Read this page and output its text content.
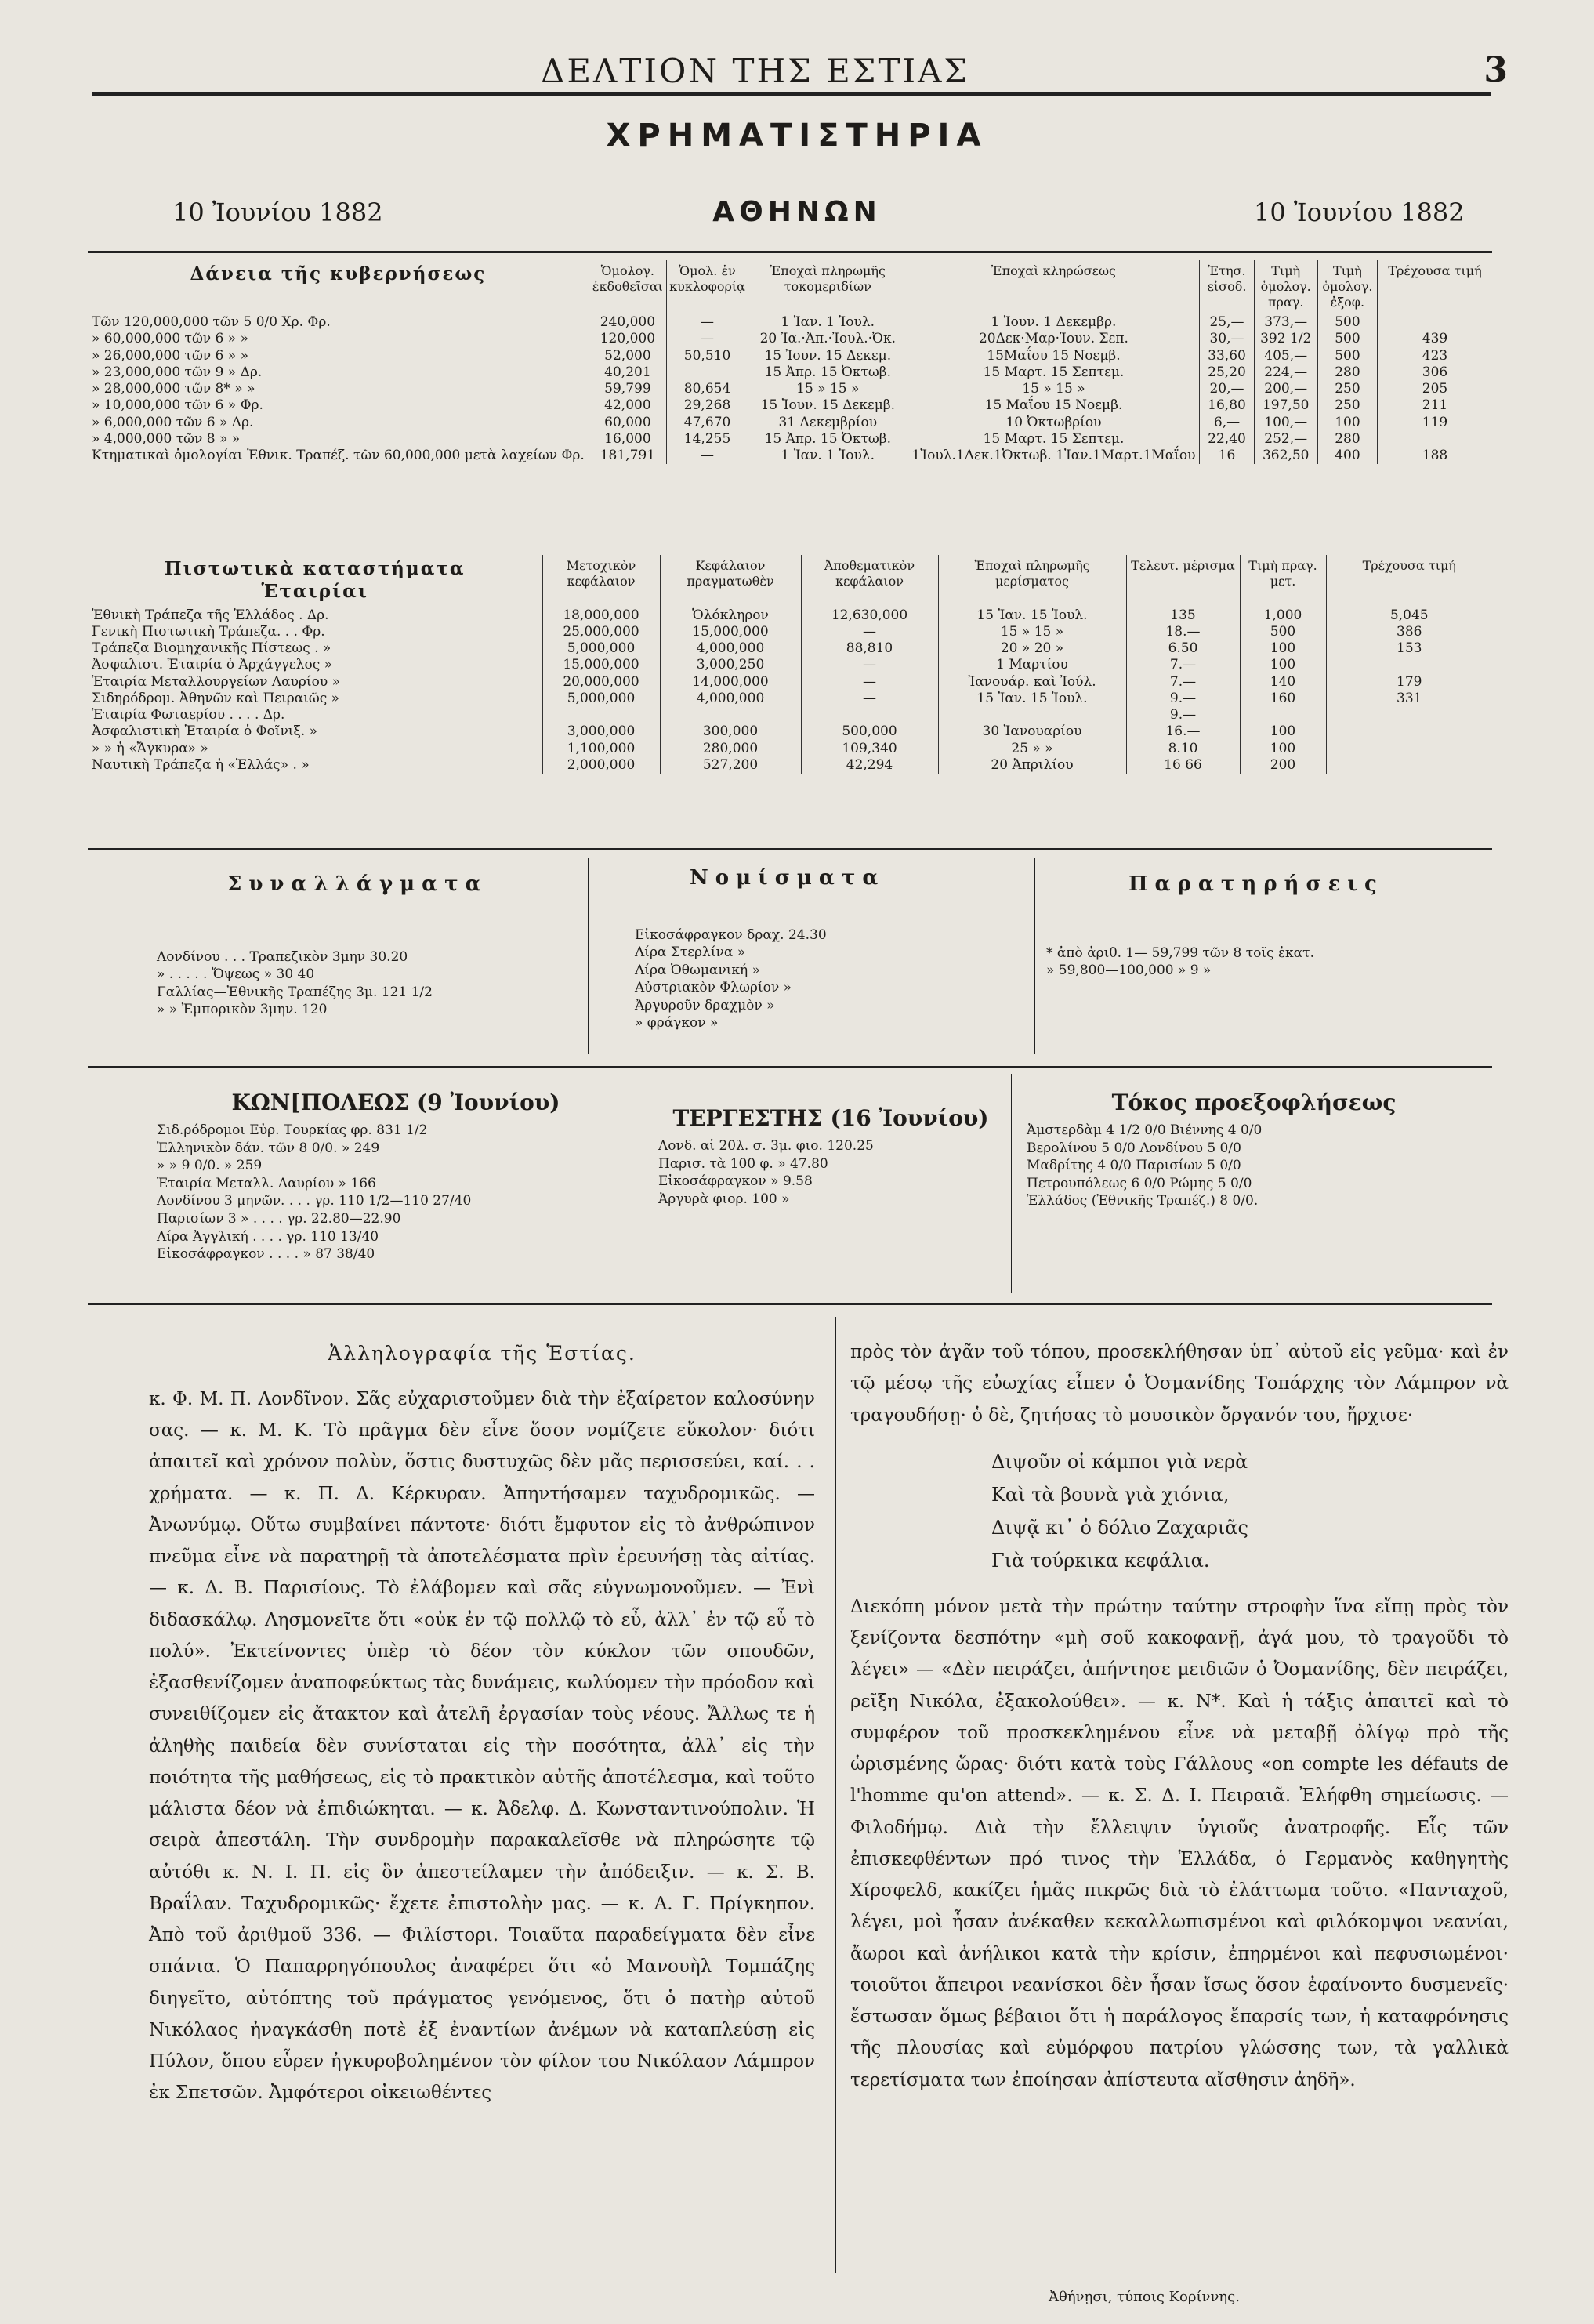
ΔΕΛΤΙΟΝ ΤΗΣ ΕΣΤΙΑΣ	3
ΧΡΗΜΑΤΙΣΤΗΡΙΑ
10 Ἰουνίου 1882	ΑΘΗΝΩΝ	10 Ἰουνίου 1882
Δάνεια τῆς κυβερνήσεως	Ὁμολογ. ἐκδοθεῖσαι	Ὁμολ. ἐν κυκλοφορίᾳ	Ἐποχαὶ πληρωμῆς τοκομεριδίων	Ἐποχαὶ κληρώσεως	Ἐτησ. εἰσοδ.	Τιμὴ ὁμολογ. πραγ.	Τιμὴ ὁμολογ. ἐξοφ.	Τρέχουσα τιμή
Τῶν 120,000,000 τῶν 5 0/0 Χρ. Φρ.	240,000	—	1 Ἰαν. 1 Ἰουλ.	1 Ἰουν. 1 Δεκεμβρ.	25,—	373,—	500	
» 60,000,000 τῶν 6 » »	120,000	—	20 Ἰα.·Ἀπ.·Ἰουλ.·Ὀκ.	20Δεκ·Μαρ·Ἰουν. Σεπ.	30,—	392 1/2	500	439
» 26,000,000 τῶν 6 » »	52,000	50,510	15 Ἰουν. 15 Δεκεμ.	15Μαΐου 15 Νοεμβ.	33,60	405,—	500	423
» 23,000,000 τῶν 9 » Δρ.	40,201		15 Ἀπρ. 15 Ὀκτωβ.	15 Μαρτ. 15 Σεπτεμ.	25,20	224,—	280	306
» 28,000,000 τῶν 8* » »	59,799	80,654	15 » 15 »	15 » 15 »	20,—	200,—	250	205
» 10,000,000 τῶν 6 » Φρ.	42,000	29,268	15 Ἰουν. 15 Δεκεμβ.	15 Μαΐου 15 Νοεμβ.	16,80	197,50	250	211
» 6,000,000 τῶν 6 » Δρ.	60,000	47,670	31 Δεκεμβρίου	10 Ὀκτωβρίου	6,—	100,—	100	119
» 4,000,000 τῶν 8 » »	16,000	14,255	15 Ἀπρ. 15 Ὀκτωβ.	15 Μαρτ. 15 Σεπτεμ.	22,40	252,—	280	
Κτηματικαὶ ὁμολογίαι Ἐθνικ. Τραπέζ. τῶν 60,000,000 μετὰ λαχείων Φρ.	181,791	—	1 Ἰαν. 1 Ἰουλ.	1Ἰουλ.1Δεκ.1Ὀκτωβ. 1Ἰαν.1Μαρτ.1Μαΐου	16	362,50	400	188
Πιστωτικὰ καταστήματα
Ἑταιρίαι	Μετοχικὸν κεφάλαιον	Κεφάλαιον πραγματωθὲν	Ἀποθεματικὸν κεφάλαιον	Ἐποχαὶ πληρωμῆς μερίσματος	Τελευτ. μέρισμα	Τιμὴ πραγ. μετ.	Τρέχουσα τιμή
Ἐθνικὴ Τράπεζα τῆς Ἑλλάδος . Δρ.	18,000,000	Ὁλόκληρον	12,630,000	15 Ἰαν. 15 Ἰουλ.	135	1,000	5,045
Γενικὴ Πιστωτικὴ Τράπεζα. . . Φρ.	25,000,000	15,000,000	—	15 » 15 »	18.—	500	386
Τράπεζα Βιομηχανικῆς Πίστεως . »	5,000,000	4,000,000	88,810	20 » 20 »	6.50	100	153
Ἀσφαλιστ. Ἑταιρία ὁ Ἀρχάγγελος »	15,000,000	3,000,250	—	1 Μαρτίου	7.—	100	
Ἑταιρία Μεταλλουργείων Λαυρίου »	20,000,000	14,000,000	—	Ἰανουάρ. καὶ Ἰούλ.	7.—	140	179
Σιδηρόδρομ. Ἀθηνῶν καὶ Πειραιῶς »	5,000,000	4,000,000	—	15 Ἰαν. 15 Ἰουλ.	9.—	160	331
Ἑταιρία Φωταερίου . . . . Δρ.					9.—		
Ἀσφαλιστικὴ Ἑταιρία ὁ Φοῖνιξ. »	3,000,000	300,000	500,000	30 Ἰανουαρίου	16.—	100	
» » ἡ «Ἄγκυρα» »	1,100,000	280,000	109,340	25 » »	8.10	100	
Ναυτικὴ Τράπεζα ἡ «Ἑλλάς» . »	2,000,000	527,200	42,294	20 Ἀπριλίου	16 66	200	
Συναλλάγματα
Λονδίνου . . . Τραπεζικὸν 3μην 30.20
» . . . . . Ὄψεως » 30 40
Γαλλίας—Ἐθνικῆς Τραπέζης 3μ. 121 1/2
» » Ἐμπορικὸν 3μην. 120
Νομίσματα
Εἰκοσάφραγκον δραχ. 24.30
Λίρα Στερλίνα »
Λίρα Ὀθωμανική »
Αὐστριακὸν Φλωρίον »
Ἀργυροῦν δραχμὸν »
» φράγκον »
Παρατηρήσεις
* ἀπὸ ἀριθ. 1— 59,799 τῶν 8 τοῖς ἑκατ.
» 59,800—100,000 » 9 »
ΚΩΝ[ΠΟΛΕΩΣ (9 Ἰουνίου)
Σιδ.ρόδρομοι Εὐρ. Τουρκίας φρ. 831 1/2
Ἑλληνικὸν δάν. τῶν 8 0/0. » 249
» » 9 0/0. » 259
Ἑταιρία Μεταλλ. Λαυρίου » 166
Λονδίνου 3 μηνῶν. . . . γρ. 110 1/2—110 27/40
Παρισίων 3 » . . . . γρ. 22.80—22.90
Λίρα Ἀγγλική . . . . γρ. 110 13/40
Εἰκοσάφραγκον . . . . » 87 38/40
ΤΕΡΓΕΣΤΗΣ (16 Ἰουνίου)
Λονδ. αἱ 20λ. σ. 3μ. φιο. 120.25
Παρισ. τὰ 100 φ. » 47.80
Εἰκοσάφραγκον » 9.58
Ἀργυρὰ φιορ. 100 »
Τόκος προεξοφλήσεως
Ἀμστερδὰμ 4 1/2 0/0 Βιέννης 4 0/0
Βερολίνου 5 0/0 Λονδίνου 5 0/0
Μαδρίτης 4 0/0 Παρισίων 5 0/0
Πετρουπόλεως 6 0/0 Ρώμης 5 0/0
Ἑλλάδος (Ἐθνικῆς Τραπέζ.) 8 0/0.
Ἀλληλογραφία τῆς Ἑστίας.

κ. Φ. Μ. Π. Λονδῖνον. Σᾶς εὐχαριστοῦμεν διὰ τὴν ἐξαίρετον καλοσύνην σας. — κ. Μ. Κ. Τὸ πρᾶγμα δὲν εἶνε ὅσον νομίζετε εὔκολον· διότι ἀπαιτεῖ καὶ χρόνον πολὺν, ὅστις δυστυχῶς δὲν μᾶς περισσεύει, καί. . . χρήματα. — κ. Π. Δ. Κέρκυραν. Ἀπηντήσαμεν ταχυδρομικῶς. — Ἀνωνύμῳ. Οὕτω συμβαίνει πάντοτε· διότι ἔμφυτον εἰς τὸ ἀνθρώπινον πνεῦμα εἶνε νὰ παρατηρῇ τὰ ἀποτελέσματα πρὶν ἐρευνήσῃ τὰς αἰτίας. — κ. Δ. Β. Παρισίους. Τὸ ἐλάβομεν καὶ σᾶς εὐγνωμονοῦμεν. — Ἐνὶ διδασκάλῳ. Λησμονεῖτε ὅτι «οὐκ ἐν τῷ πολλῷ τὸ εὖ, ἀλλ᾽ ἐν τῷ εὖ τὸ πολύ». Ἐκτείνοντες ὑπὲρ τὸ δέον τὸν κύκλον τῶν σπουδῶν, ἐξασθενίζομεν ἀναποφεύκτως τὰς δυνάμεις, κωλύομεν τὴν πρόοδον καὶ συνειθίζομεν εἰς ἄτακτον καὶ ἀτελῆ ἐργασίαν τοὺς νέους. Ἄλλως τε ἡ ἀληθὴς παιδεία δὲν συνίσταται εἰς τὴν ποσότητα, ἀλλ᾽ εἰς τὴν ποιότητα τῆς μαθήσεως, εἰς τὸ πρακτικὸν αὐτῆς ἀποτέλεσμα, καὶ τοῦτο μάλιστα δέον νὰ ἐπιδιώκηται. — κ. Ἀδελφ. Δ. Κωνσταντινούπολιν. Ἡ σειρὰ ἀπεστάλη. Τὴν συνδρομὴν παρακαλεῖσθε νὰ πληρώσητε τῷ αὐτόθι κ. Ν. Ι. Π. εἰς ὃν ἀπεστείλαμεν τὴν ἀπόδειξιν. — κ. Σ. Β. Βραΐλαν. Ταχυδρομικῶς· ἔχετε ἐπιστολὴν μας. — κ. Α. Γ. Πρίγκηπον. Ἀπὸ τοῦ ἀριθμοῦ 336. — Φιλίστορι. Τοιαῦτα παραδείγματα δὲν εἶνε σπάνια. Ὁ Παπαρρηγόπουλος ἀναφέρει ὅτι «ὁ Μανουὴλ Τομπάζης διηγεῖτο, αὐτόπτης τοῦ πράγματος γενόμενος, ὅτι ὁ πατὴρ αὐτοῦ Νικόλαος ἠναγκάσθη ποτὲ ἐξ ἐναντίων ἀνέμων νὰ καταπλεύσῃ εἰς Πύλον, ὅπου εὗρεν ἠγκυροβολημένον τὸν φίλον του Νικόλαον Λάμπρον ἐκ Σπετσῶν. Ἀμφότεροι οἰκειωθέντες

πρὸς τὸν ἀγᾶν τοῦ τόπου, προσεκλήθησαν ὑπ᾽ αὐτοῦ εἰς γεῦμα· καὶ ἐν τῷ μέσῳ τῆς εὐωχίας εἶπεν ὁ Ὀσμανίδης Τοπάρχης τὸν Λάμπρον νὰ τραγουδήσῃ· ὁ δὲ, ζητήσας τὸ μουσικὸν ὄργανόν του, ἤρχισε·

Διψοῦν οἱ κάμποι γιὰ νερὰ
Καὶ τὰ βουνὰ γιὰ χιόνια,
Διψᾷ κι᾽ ὁ δόλιο Ζαχαριᾶς
Γιὰ τούρκικα κεφάλια.

Διεκόπη μόνον μετὰ τὴν πρώτην ταύτην στροφὴν ἵνα εἴπῃ πρὸς τὸν ξενίζοντα δεσπότην «μὴ σοῦ κακοφανῇ, ἀγά μου, τὸ τραγοῦδι τὸ λέγει» — «Δὲν πειράζει, ἀπήντησε μειδιῶν ὁ Ὀσμανίδης, δὲν πειράζει, ρεῖξη Νικόλα, ἐξακολούθει». — κ. Ν*. Καὶ ἡ τάξις ἀπαιτεῖ καὶ τὸ συμφέρον τοῦ προσκεκλημένου εἶνε νὰ μεταβῇ ὀλίγῳ πρὸ τῆς ὡρισμένης ὥρας· διότι κατὰ τοὺς Γάλλους «on compte les défauts de l'homme qu'on attend». — κ. Σ. Δ. Ι. Πειραιᾶ. Ἐλήφθη σημείωσις. — Φιλοδήμῳ. Διὰ τὴν ἔλλειψιν ὑγιοῦς ἀνατροφῆς. Εἷς τῶν ἐπισκεφθέντων πρό τινος τὴν Ἑλλάδα, ὁ Γερμανὸς καθηγητὴς Χίρσφελδ, κακίζει ἡμᾶς πικρῶς διὰ τὸ ἐλάττωμα τοῦτο. «Πανταχοῦ, λέγει, μοὶ ἦσαν ἀνέκαθεν κεκαλλωπισμένοι καὶ φιλόκομψοι νεανίαι, ἄωροι καὶ ἀνήλικοι κατὰ τὴν κρίσιν, ἐπηρμένοι καὶ πεφυσιωμένοι· τοιοῦτοι ἄπειροι νεανίσκοι δὲν ἦσαν ἴσως ὅσον ἐφαίνοντο δυσμενεῖς· ἔστωσαν ὅμως βέβαιοι ὅτι ἡ παράλογος ἔπαρσίς των, ἡ καταφρόνησις τῆς πλουσίας καὶ εὐμόρφου πατρίου γλώσσης των, τὰ γαλλικὰ τερετίσματα των ἐποίησαν ἀπίστευτα αἴσθησιν ἀηδῆ».

Ἀθήνῃσι, τύποις Κορίννης.
